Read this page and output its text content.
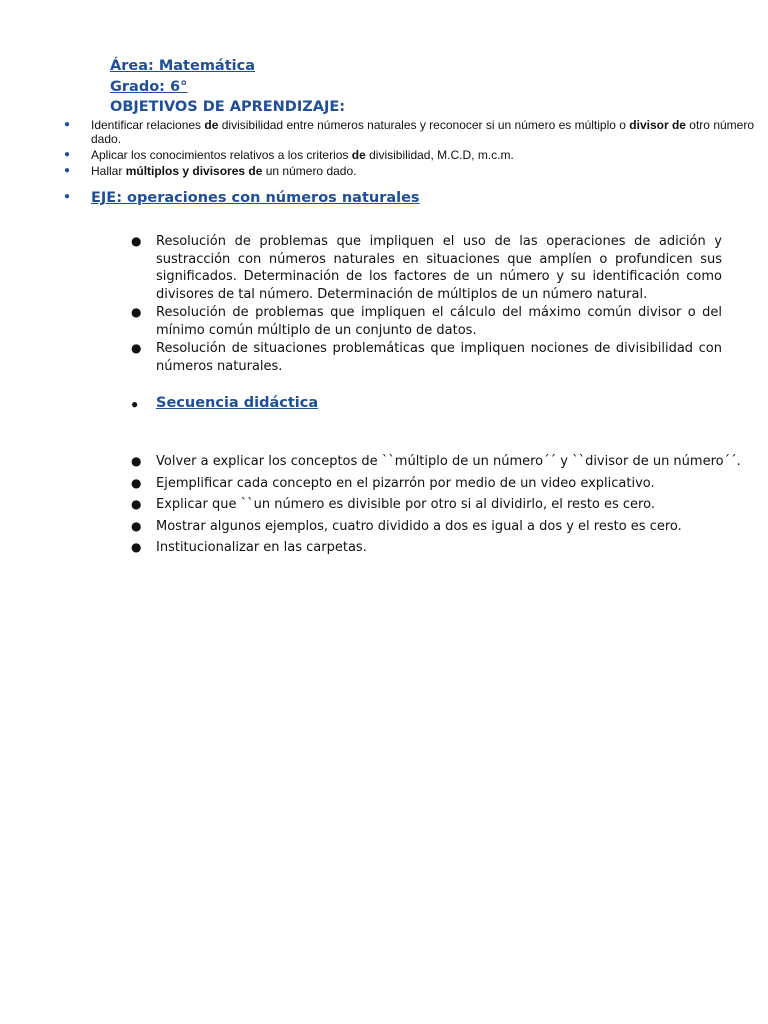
Área: Matemática
Grado: 6°
OBJETIVOS DE APRENDIZAJE:
● Identificar relaciones de divisibilidad entre números naturales y reconocer si un número es múltiplo o divisor de otro número dado.
● Aplicar los conocimientos relativos a los criterios de divisibilidad, M.C.D, m.c.m.
● Hallar múltiplos y divisores de un número dado.
● EJE: operaciones con números naturales
● Resolución de problemas que impliquen el uso de las operaciones de adición y sustracción con números naturales en situaciones que amplíen o profundicen sus significados. Determinación de los factores de un número y su identificación como divisores de tal número. Determinación de múltiplos de un número natural.
● Resolución de problemas que impliquen el cálculo del máximo común divisor o del mínimo común múltiplo de un conjunto de datos.
● Resolución de situaciones problemáticas que impliquen nociones de divisibilidad con números naturales.
● Secuencia didáctica
● Volver a explicar los conceptos de ``múltiplo de un número´´ y ``divisor de un número´´.
● Ejemplificar cada concepto en el pizarrón por medio de un video explicativo.
● Explicar que ``un número es divisible por otro si al dividirlo, el resto es cero.
● Mostrar algunos ejemplos, cuatro dividido a dos es igual a dos y el resto es cero.
● Institucionalizar en las carpetas.
